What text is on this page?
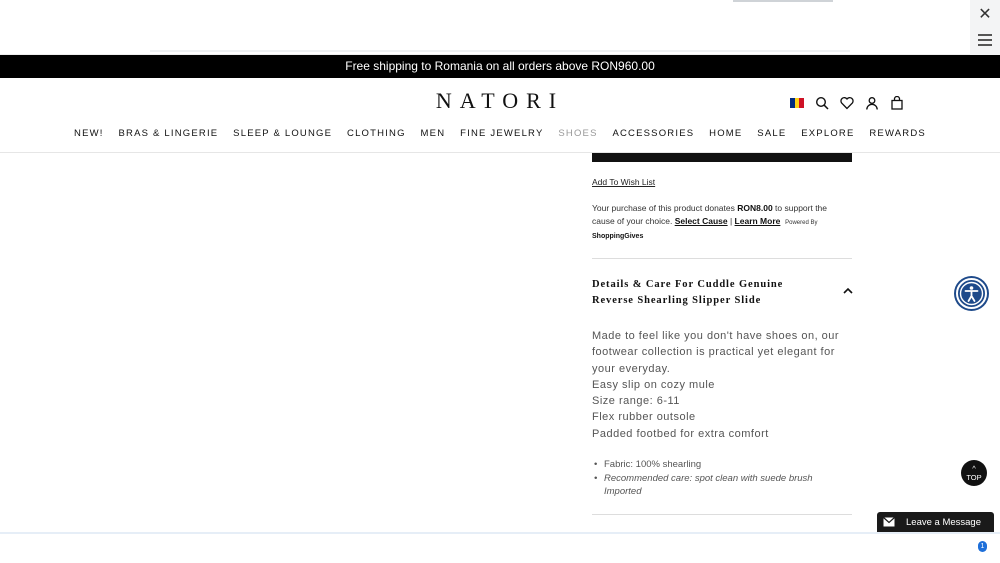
✕
Free shipping to Romania on all orders above RON960.00
NATORI
NEW! BRAS & LINGERIE SLEEP & LOUNGE CLOTHING MEN FINE JEWELRY SHOES ACCESSORIES HOME SALE EXPLORE REWARDS
Add To Wish List
Your purchase of this product donates RON8.00 to support the cause of your choice. Select Cause | Learn More Powered By ShoppingGives
Details & Care For Cuddle Genuine Reverse Shearling Slipper Slide

Made to feel like you don't have shoes on, our footwear collection is practical yet elegant for your everyday.

Easy slip on cozy mule

Size range: 6-11

Flex rubber outsole

Padded footbed for extra comfort

• Fabric: 100% shearling
• Recommended care: spot clean with suede brush
Imported
^
TOP
Leave a Message
1
